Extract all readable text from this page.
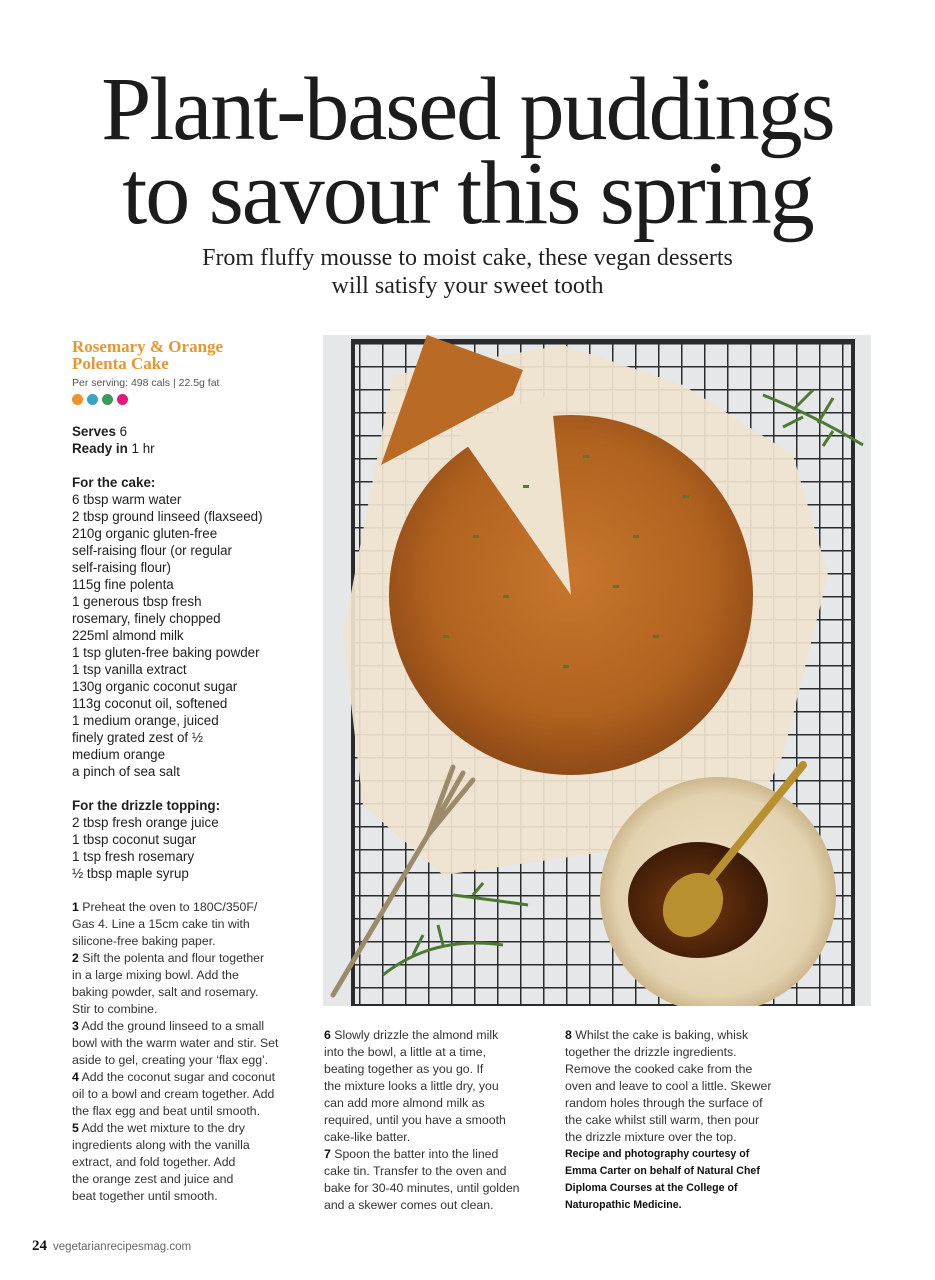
Plant-based puddings
to savour this spring
From fluffy mousse to moist cake, these vegan desserts
will satisfy your sweet tooth
Rosemary & Orange
Polenta Cake
Per serving: 498 cals | 22.5g fat
Serves 6
Ready in 1 hr
For the cake:
6 tbsp warm water
2 tbsp ground linseed (flaxseed)
210g organic gluten-free
self-raising flour (or regular
self-raising flour)
115g fine polenta
1 generous tbsp fresh
rosemary, finely chopped
225ml almond milk
1 tsp gluten-free baking powder
1 tsp vanilla extract
130g organic coconut sugar
113g coconut oil, softened
1 medium orange, juiced
finely grated zest of ½
medium orange
a pinch of sea salt
For the drizzle topping:
2 tbsp fresh orange juice
1 tbsp coconut sugar
1 tsp fresh rosemary
½ tbsp maple syrup
1 Preheat the oven to 180C/350F/
Gas 4. Line a 15cm cake tin with
silicone-free baking paper.
2 Sift the polenta and flour together
in a large mixing bowl. Add the
baking powder, salt and rosemary.
Stir to combine.
3 Add the ground linseed to a small
bowl with the warm water and stir. Set
aside to gel, creating your ‘flax egg’.
4 Add the coconut sugar and coconut
oil to a bowl and cream together. Add
the flax egg and beat until smooth.
5 Add the wet mixture to the dry
ingredients along with the vanilla
extract, and fold together. Add
the orange zest and juice and
beat together until smooth.
6 Slowly drizzle the almond milk
into the bowl, a little at a time,
beating together as you go. If
the mixture looks a little dry, you
can add more almond milk as
required, until you have a smooth
cake-like batter.
7 Spoon the batter into the lined
cake tin. Transfer to the oven and
bake for 30-40 minutes, until golden
and a skewer comes out clean.
8 Whilst the cake is baking, whisk
together the drizzle ingredients.
Remove the cooked cake from the
oven and leave to cool a little. Skewer
random holes through the surface of
the cake whilst still warm, then pour
the drizzle mixture over the top.
Recipe and photography courtesy of
Emma Carter on behalf of Natural Chef
Diploma Courses at the College of
Naturopathic Medicine.
24 vegetarianrecipesmag.com
